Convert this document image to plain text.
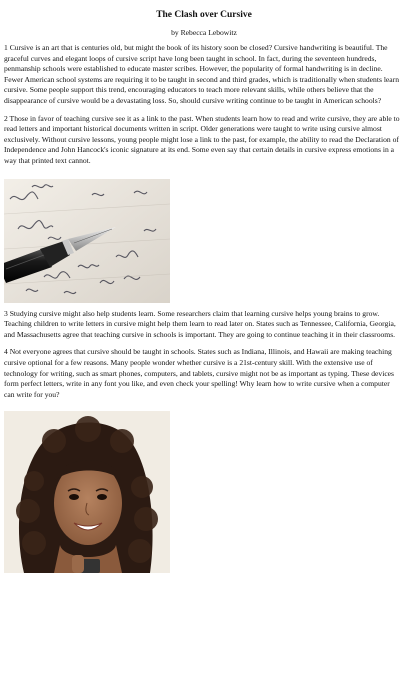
The Clash over Cursive

by Rebecca Lebowitz

1 Cursive is an art that is centuries old, but might the book of its history soon be closed? Cursive handwriting is beautiful. The graceful curves and elegant loops of cursive script have long been taught in school. In fact, during the seventeen hundreds, penmanship schools were established to educate master scribes. However, the popularity of formal handwriting is in decline. Fewer American school systems are requiring it to be taught in second and third grades, which is traditionally when students learn cursive. Some people support this trend, encouraging educators to teach more relevant skills, while others believe that the disappearance of cursive would be a devastating loss. So, should cursive writing continue to be taught in American schools?

2 Those in favor of teaching cursive see it as a link to the past. When students learn how to read and write cursive, they are able to read letters and important historical documents written in script. Older generations were taught to write using cursive almost exclusively. Without cursive lessons, young people might lose a link to the past, for example, the ability to read the Declaration of Independence and John Hancock's iconic signature at its end. Some even say that certain details in cursive express emotions in a way that printed text cannot.

3 Studying cursive might also help students learn. Some researchers claim that learning cursive helps young brains to grow. Teaching children to write letters in cursive might help them learn to read later on. States such as Tennessee, California, Georgia, and Massachusetts agree that teaching cursive in schools is important. They are going to continue teaching it in their classrooms.

4 Not everyone agrees that cursive should be taught in schools. States such as Indiana, Illinois, and Hawaii are making teaching cursive optional for a few reasons. Many people wonder whether cursive is a 21st-century skill. With the extensive use of technology for writing, such as smart phones, computers, and tablets, cursive might not be as important as typing. These devices form perfect letters, write in any font you like, and even check your spelling! Why learn how to write cursive when a computer can write for you?
